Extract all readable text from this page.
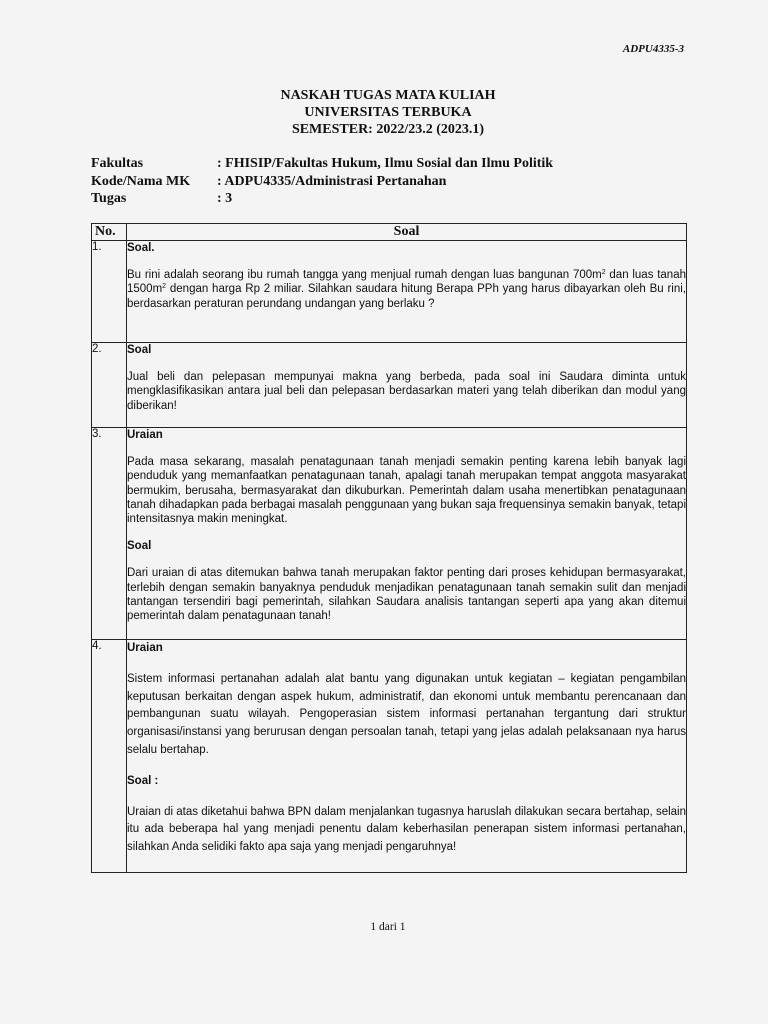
ADPU4335-3
NASKAH TUGAS MATA KULIAH
UNIVERSITAS TERBUKA
SEMESTER: 2022/23.2 (2023.1)
Fakultas	: FHISIP/Fakultas Hukum, Ilmu Sosial dan Ilmu Politik
Kode/Nama MK	: ADPU4335/Administrasi Pertanahan
Tugas	: 3
No.	Soal
1.	Soal.
Bu rini adalah seorang ibu rumah tangga yang menjual rumah dengan luas bangunan $700m^2$ dan luas tanah $1500m^2$ dengan harga Rp 2 miliar. Silahkan saudara hitung Berapa PPh yang harus dibayarkan oleh Bu rini, berdasarkan peraturan perundang undangan yang berlaku ?

2.	Soal
Jual beli dan pelepasan mempunyai makna yang berbeda, pada soal ini Saudara diminta untuk mengklasifikasikan antara jual beli dan pelepasan berdasarkan materi yang telah diberikan dan modul yang diberikan!

3.	Uraian
Pada masa sekarang, masalah penatagunaan tanah menjadi semakin penting karena lebih banyak lagi penduduk yang memanfaatkan penatagunaan tanah, apalagi tanah merupakan tempat anggota masyarakat bermukim, berusaha, bermasyarakat dan dikuburkan. Pemerintah dalam usaha menertibkan penatagunaan tanah dihadapkan pada berbagai masalah penggunaan yang bukan saja frequensinya semakin banyak, tetapi intensitasnya makin meningkat.
Soal
Dari uraian di atas ditemukan bahwa tanah merupakan faktor penting dari proses kehidupan bermasyarakat, terlebih dengan semakin banyaknya penduduk menjadikan penatagunaan tanah semakin sulit dan menjadi tantangan tersendiri bagi pemerintah, silahkan Saudara analisis tantangan seperti apa yang akan ditemui pemerintah dalam penatagunaan tanah!

4.	Uraian
Sistem informasi pertanahan adalah alat bantu yang digunakan untuk kegiatan – kegiatan pengambilan keputusan berkaitan dengan aspek hukum, administratif, dan ekonomi untuk membantu perencanaan dan pembangunan suatu wilayah. Pengoperasian sistem informasi pertanahan tergantung dari struktur organisasi/instansi yang berurusan dengan persoalan tanah, tetapi yang jelas adalah pelaksanaan nya harus selalu bertahap.
Soal :
Uraian di atas diketahui bahwa BPN dalam menjalankan tugasnya haruslah dilakukan secara bertahap, selain itu ada beberapa hal yang menjadi penentu dalam keberhasilan penerapan sistem informasi pertanahan, silahkan Anda selidiki fakto apa saja yang menjadi pengaruhnya!
1 dari 1
